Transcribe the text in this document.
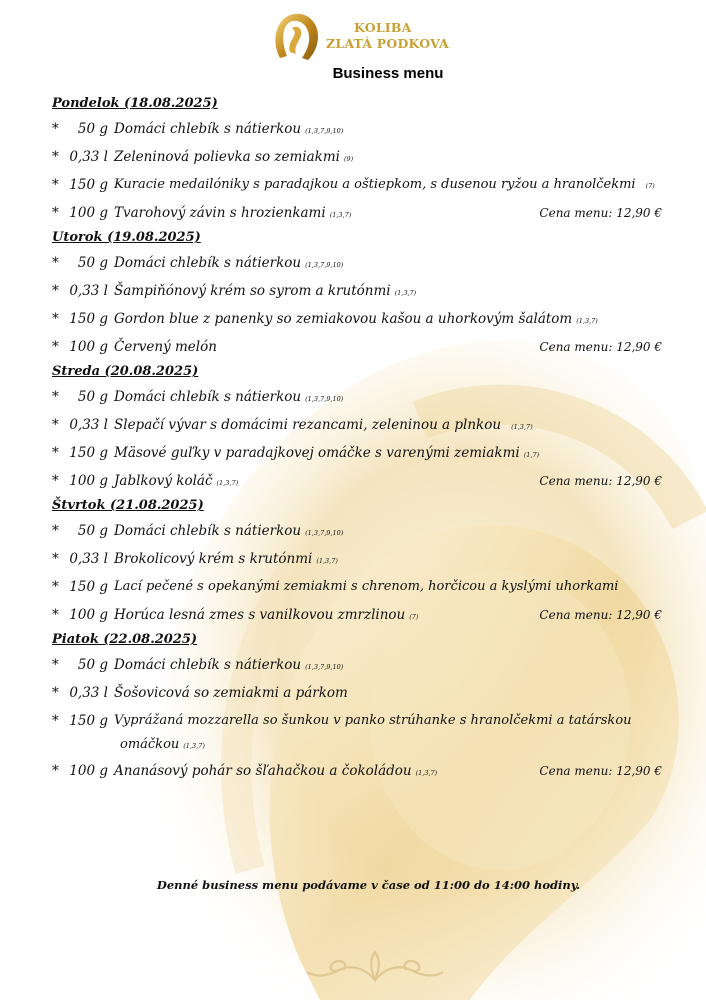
KOLIBA
ZLATÁ PODKOVA
Business menu
Pondelok (18.08.2025)
*	50 g Domáci chlebík s nátierkou (1,3,7,9,10)
* 0,33 l Zeleninová polievka so zemiakmi (9)
* 150 g Kuracie medailóniky s paradajkou a oštiepkom, s dusenou ryžou a hranolčekmi (7)
* 100 g Tvarohový závin s hrozienkami (1,3,7)	Cena menu: 12,90 €
Utorok (19.08.2025)
*	50 g Domáci chlebík s nátierkou (1,3,7,9,10)
* 0,33 l Šampiňónový krém so syrom a krutónmi (1,3,7)
* 150 g Gordon blue z panenky so zemiakovou kašou a uhorkovým šalátom (1,3,7)
* 100 g Červený melón	Cena menu: 12,90 €
Streda (20.08.2025)
*	50 g Domáci chlebík s nátierkou (1,3,7,9,10)
* 0,33 l Slepačí vývar s domácimi rezancami, zeleninou a plnkou (1,3,7)
* 150 g Mäsové guľky v paradajkovej omáčke s varenými zemiakmi (1,7)
* 100 g Jablkový koláč (1,3,7)	Cena menu: 12,90 €
Štvrtok (21.08.2025)
*	50 g Domáci chlebík s nátierkou (1,3,7,9,10)
* 0,33 l Brokolicový krém s krutónmi (1,3,7)
* 150 g Lací pečené s opekanými zemiakmi s chrenom, horčicou a kyslými uhorkami
* 100 g Horúca lesná zmes s vanilkovou zmrzlinou (7)	Cena menu: 12,90 €
Piatok (22.08.2025)
*	50 g Domáci chlebík s nátierkou (1,3,7,9,10)
* 0,33 l Šošovicová so zemiakmi a párkom
* 150 g Vyprážaná mozzarella so šunkou v panko strúhanke s hranolčekmi a tatárskou
omáčkou (1,3,7)
* 100 g Ananásový pohár so šľahačkou a čokoládou (1,3,7)	Cena menu: 12,90 €
Denné business menu podávame v čase od 11:00 do 14:00 hodiny.
